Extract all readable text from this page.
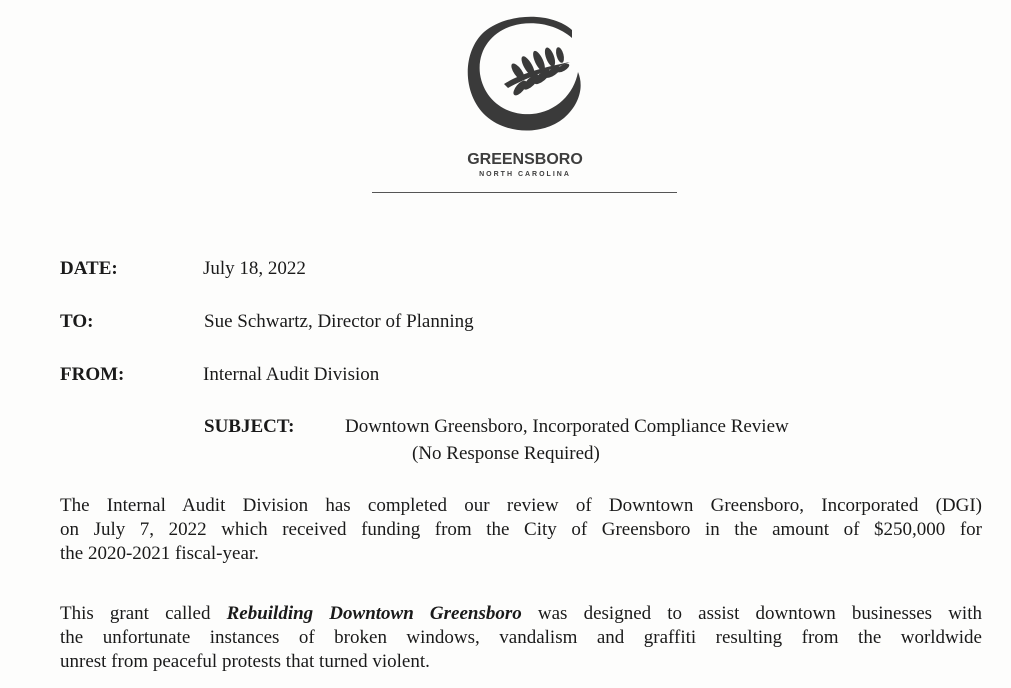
GREENSBORO
NORTH CAROLINA
DATE:	July 18, 2022
TO:	Sue Schwartz, Director of Planning
FROM:	Internal Audit Division
SUBJECT:	Downtown Greensboro, Incorporated Compliance Review
(No Response Required)
The Internal Audit Division has completed our review of Downtown Greensboro, Incorporated (DGI)
on July 7, 2022 which received funding from the City of Greensboro in the amount of $250,000 for
the 2020-2021 fiscal-year.
This grant called Rebuilding Downtown Greensboro was designed to assist downtown businesses with
the unfortunate instances of broken windows, vandalism and graffiti resulting from the worldwide
unrest from peaceful protests that turned violent.
